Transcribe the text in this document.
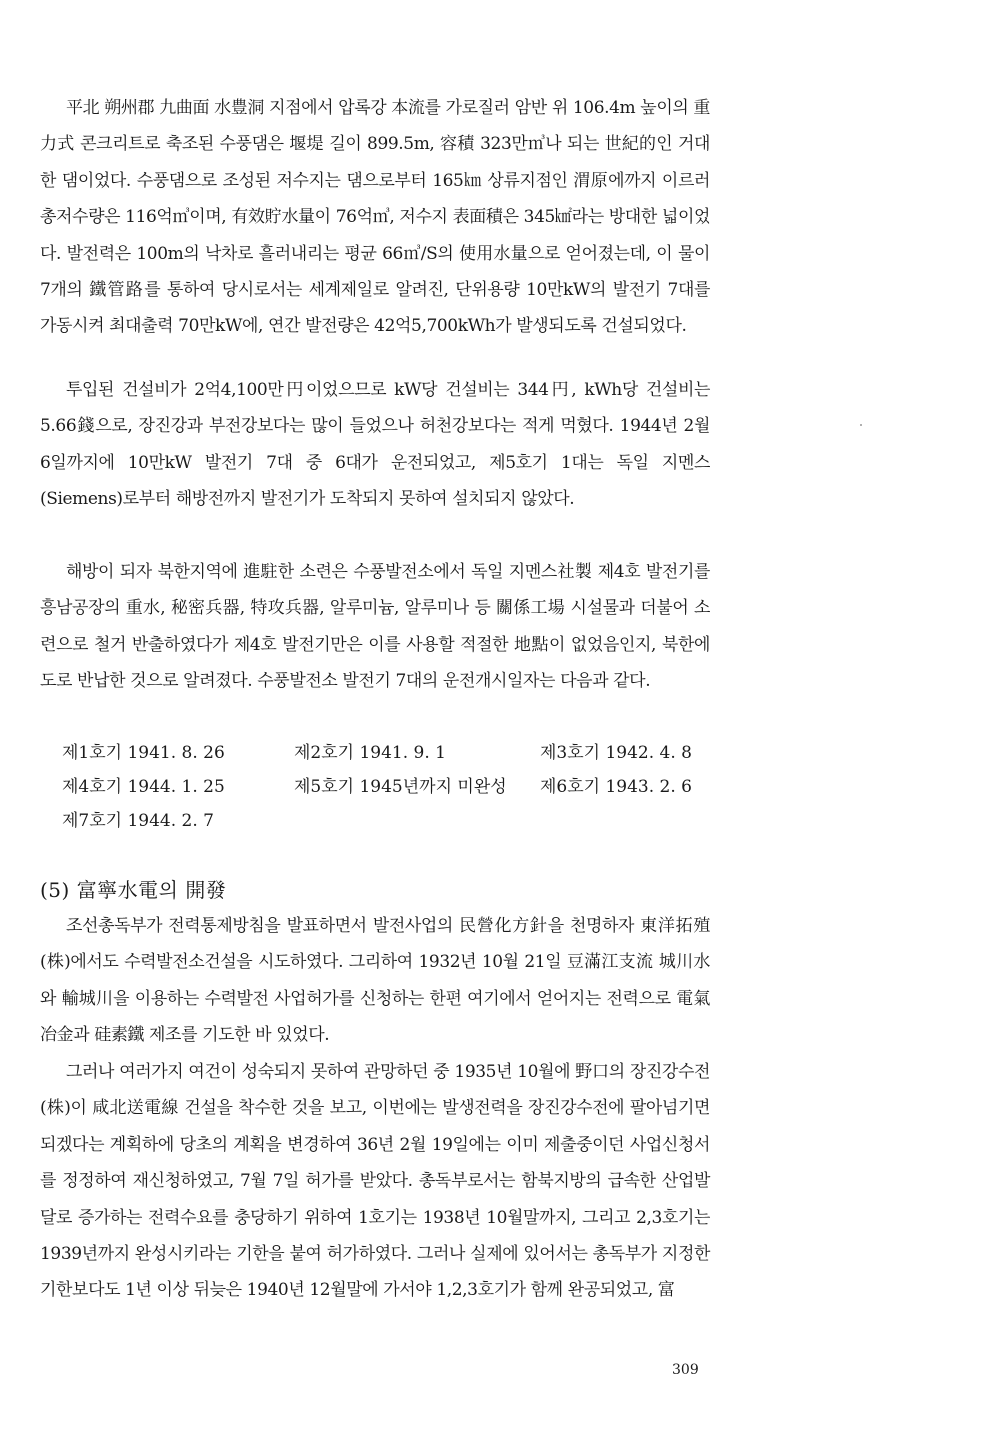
平北 朔州郡 九曲面 水豊洞 지점에서 압록강 本流를 가로질러 암반 위 106.4m 높이의 重力式 콘크리트로 축조된 수풍댐은 堰堤 길이 899.5m, 容積 323만㎥나 되는 世紀的인 거대한 댐이었다. 수풍댐으로 조성된 저수지는 댐으로부터 165㎞ 상류지점인 渭原에까지 이르러 총저수량은 116억㎥이며, 有效貯水量이 76억㎥, 저수지 表面積은 345㎢라는 방대한 넓이었다. 발전력은 100m의 낙차로 흘러내리는 평균 66㎥/S의 使用水量으로 얻어졌는데, 이 물이 7개의 鐵管路를 통하여 당시로서는 세계제일로 알려진, 단위용량 10만kW의 발전기 7대를 가동시켜 최대출력 70만kW에, 연간 발전량은 42억5,700kWh가 발생되도록 건설되었다.

투입된 건설비가 2억4,100만円이었으므로 kW당 건설비는 344円, kWh당 건설비는 5.66錢으로, 장진강과 부전강보다는 많이 들었으나 허천강보다는 적게 먹혔다. 1944년 2월 6일까지에 10만kW 발전기 7대 중 6대가 운전되었고, 제5호기 1대는 독일 지멘스(Siemens)로부터 해방전까지 발전기가 도착되지 못하여 설치되지 않았다.

해방이 되자 북한지역에 進駐한 소련은 수풍발전소에서 독일 지멘스社製 제4호 발전기를 흥남공장의 重水, 秘密兵器, 特攻兵器, 알루미늄, 알루미나 등 關係工場 시설물과 더불어 소련으로 철거 반출하였다가 제4호 발전기만은 이를 사용할 적절한 地點이 없었음인지, 북한에 도로 반납한 것으로 알려졌다. 수풍발전소 발전기 7대의 운전개시일자는 다음과 같다.

제1호기 1941. 8. 26	제2호기 1941. 9. 1	제3호기 1942. 4. 8
제4호기 1944. 1. 25	제5호기 1945년까지 미완성	제6호기 1943. 2. 6
제7호기 1944. 2. 7
(5) 富寧水電의 開發

조선총독부가 전력통제방침을 발표하면서 발전사업의 民營化方針을 천명하자 東洋拓殖(株)에서도 수력발전소건설을 시도하였다. 그리하여 1932년 10월 21일 豆滿江支流 城川水와 輸城川을 이용하는 수력발전 사업허가를 신청하는 한편 여기에서 얻어지는 전력으로 電氣冶金과 硅素鐵 제조를 기도한 바 있었다.

그러나 여러가지 여건이 성숙되지 못하여 관망하던 중 1935년 10월에 野口의 장진강수전(株)이 咸北送電線 건설을 착수한 것을 보고, 이번에는 발생전력을 장진강수전에 팔아넘기면 되겠다는 계획하에 당초의 계획을 변경하여 36년 2월 19일에는 이미 제출중이던 사업신청서를 정정하여 재신청하였고, 7월 7일 허가를 받았다. 총독부로서는 함북지방의 급속한 산업발달로 증가하는 전력수요를 충당하기 위하여 1호기는 1938년 10월말까지, 그리고 2,3호기는 1939년까지 완성시키라는 기한을 붙여 허가하였다. 그러나 실제에 있어서는 총독부가 지정한 기한보다도 1년 이상 뒤늦은 1940년 12월말에 가서야 1,2,3호기가 함께 완공되었고, 富

309
